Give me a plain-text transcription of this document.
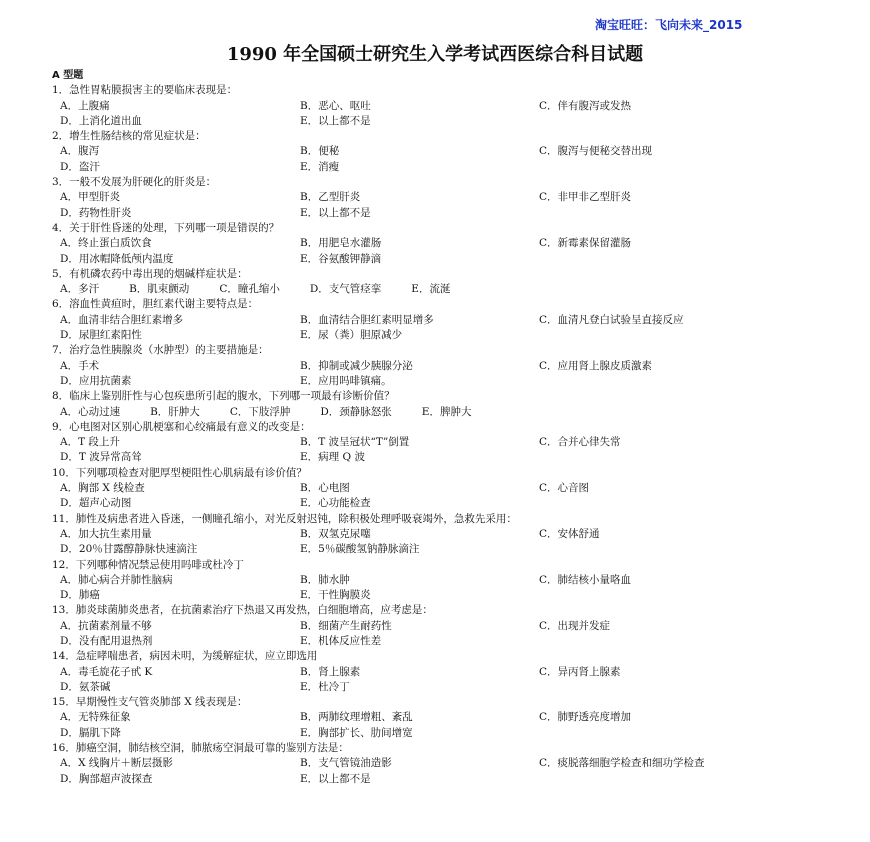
淘宝旺旺：飞向未来_2015
1990 年全国硕士研究生入学考试西医综合科目试题
A 型题
1．急性胃粘膜损害主的要临床表现是：
A．上腹痛	B．恶心、呕吐	C．伴有腹泻或发热
D．上消化道出血	E．以上都不是
2．增生性肠结核的常见症状是：
A．腹泻	B．便秘	C．腹泻与便秘交替出现
D．盗汗	E．消瘦
3．一般不发展为肝硬化的肝炎是：
A．甲型肝炎	B．乙型肝炎	C．非甲非乙型肝炎
D．药物性肝炎	E．以上都不是
4．关于肝性昏迷的处理，下列哪一项是错误的？
A．终止蛋白质饮食	B．用肥皂水灌肠	C．新霉素保留灌肠
D．用冰帽降低颅内温度	E．谷氨酸钾静滴
5．有机磷农药中毒出现的烟碱样症状是：
A．多汗	B．肌束颤动	C．瞳孔缩小	D．支气管痉挛	E．流涎
6．溶血性黄疸时，胆红素代谢主要特点是：
A．血清非结合胆红素增多	B．血清结合胆红素明显增多	C．血清凡登白试验呈直接反应
D．尿胆红素阳性	E．尿（粪）胆原减少
7．治疗急性胰腺炎（水肿型）的主要措施是：
A．手术	B．抑制或减少胰腺分泌	C．应用肾上腺皮质激素
D．应用抗菌素	E．应用吗啡镇痛。
8．临床上鉴别肝性与心包疾患所引起的腹水，下列哪一项最有诊断价值？
A．心动过速	B．肝肿大	C．下肢浮肿	D．颈静脉怒张	E．脾肿大
9．心电图对区别心肌梗塞和心绞痛最有意义的改变是：
A．T 段上升	B．T 波呈冠状“T”倒置	C．合并心律失常
D．T 波异常高耸	E．病理 Q 波
10．下列哪项检查对肥厚型梗阻性心肌病最有诊价值？
A．胸部 X 线检查	B．心电图	C．心音图
D．超声心动图	E．心功能检查
11．肺性及病患者进入昏迷，一侧瞳孔缩小，对光反射迟钝，除积极处理呼吸衰竭外，急救先采用：
A．加大抗生素用量	B．双氢克尿噻	C．安体舒通
D．20％甘露醇静脉快速滴注	E．5％碳酸氢钠静脉滴注
12．下列哪种情况禁忌使用吗啡或杜冷丁
A．肺心病合并肺性脑病	B．肺水肿	C．肺结核小量咯血
D．肺癌	E．干性胸膜炎
13．肺炎球菌肺炎患者，在抗菌素治疗下热退又再发热，白细胞增高，应考虑是：
A．抗菌素剂量不够	B．细菌产生耐药性	C．出现并发症
D．没有配用退热剂	E．机体反应性差
14．急症哮喘患者，病因未明，为缓解症状，应立即选用
A．毒毛旋花子甙 K	B．肾上腺素	C．异丙肾上腺素
D．氨茶碱	E．杜冷丁
15．早期慢性支气管炎肺部 X 线表现是：
A．无特殊征象	B．两肺纹理增粗、紊乱	C．肺野透亮度增加
D．膈肌下降	E．胸部扩长、肋间增宽
16．肺癌空洞，肺结核空洞，肺脓疡空洞最可靠的鉴别方法是：
A．X 线胸片＋断层摄影	B．支气管镜油造影	C．痰脱落细胞学检查和细功学检查
D．胸部超声波探查	E．以上都不是
